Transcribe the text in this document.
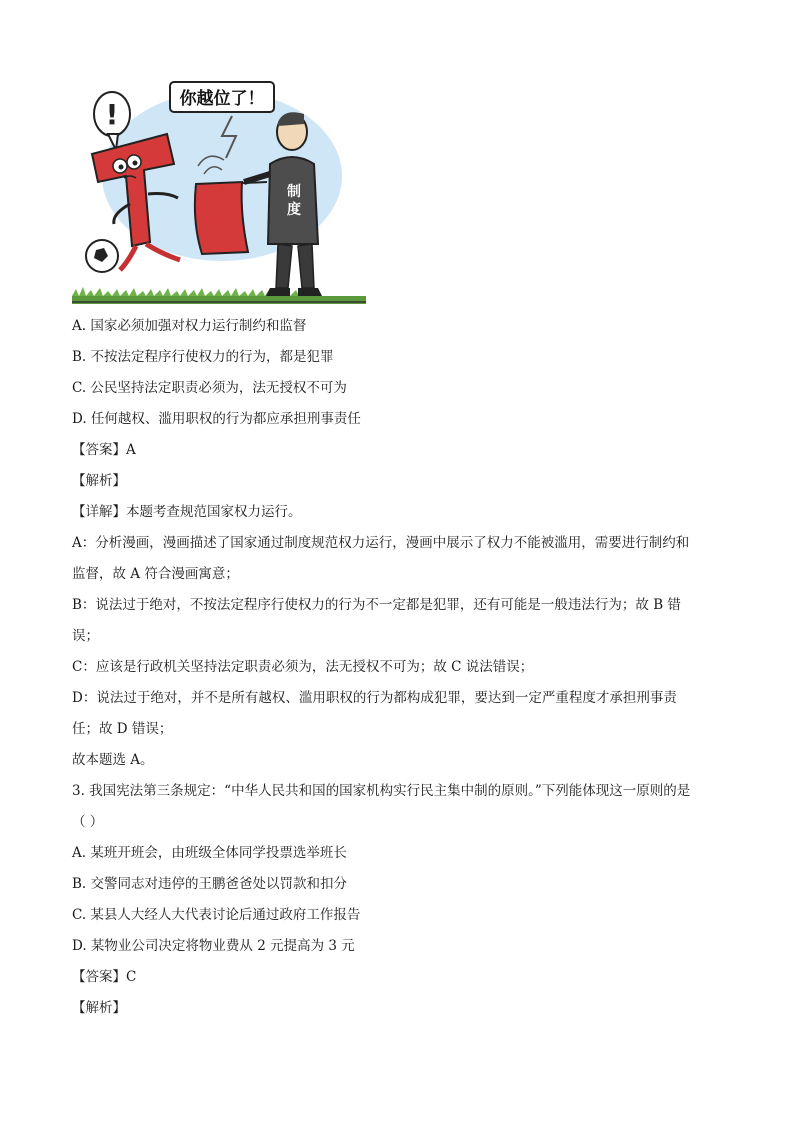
!	你越位了！
制
度
A. 国家必须加强对权力运行制约和监督
B. 不按法定程序行使权力的行为，都是犯罪
C. 公民坚持法定职责必须为，法无授权不可为
D. 任何越权、滥用职权的行为都应承担刑事责任
【答案】A
【解析】
【详解】本题考查规范国家权力运行。
A：分析漫画，漫画描述了国家通过制度规范权力运行，漫画中展示了权力不能被滥用，需要进行制约和
监督，故 A 符合漫画寓意；
B：说法过于绝对，不按法定程序行使权力的行为不一定都是犯罪，还有可能是一般违法行为；故 B 错
误；
C：应该是行政机关坚持法定职责必须为，法无授权不可为；故 C 说法错误；
D：说法过于绝对，并不是所有越权、滥用职权的行为都构成犯罪，要达到一定严重程度才承担刑事责
任；故 D 错误；
故本题选 A。
3. 我国宪法第三条规定：“中华人民共和国的国家机构实行民主集中制的原则。”下列能体现这一原则的是
（ ）
A. 某班开班会，由班级全体同学投票选举班长
B. 交警同志对违停的王鹏爸爸处以罚款和扣分
C. 某县人大经人大代表讨论后通过政府工作报告
D. 某物业公司决定将物业费从 2 元提高为 3 元
【答案】C
【解析】
